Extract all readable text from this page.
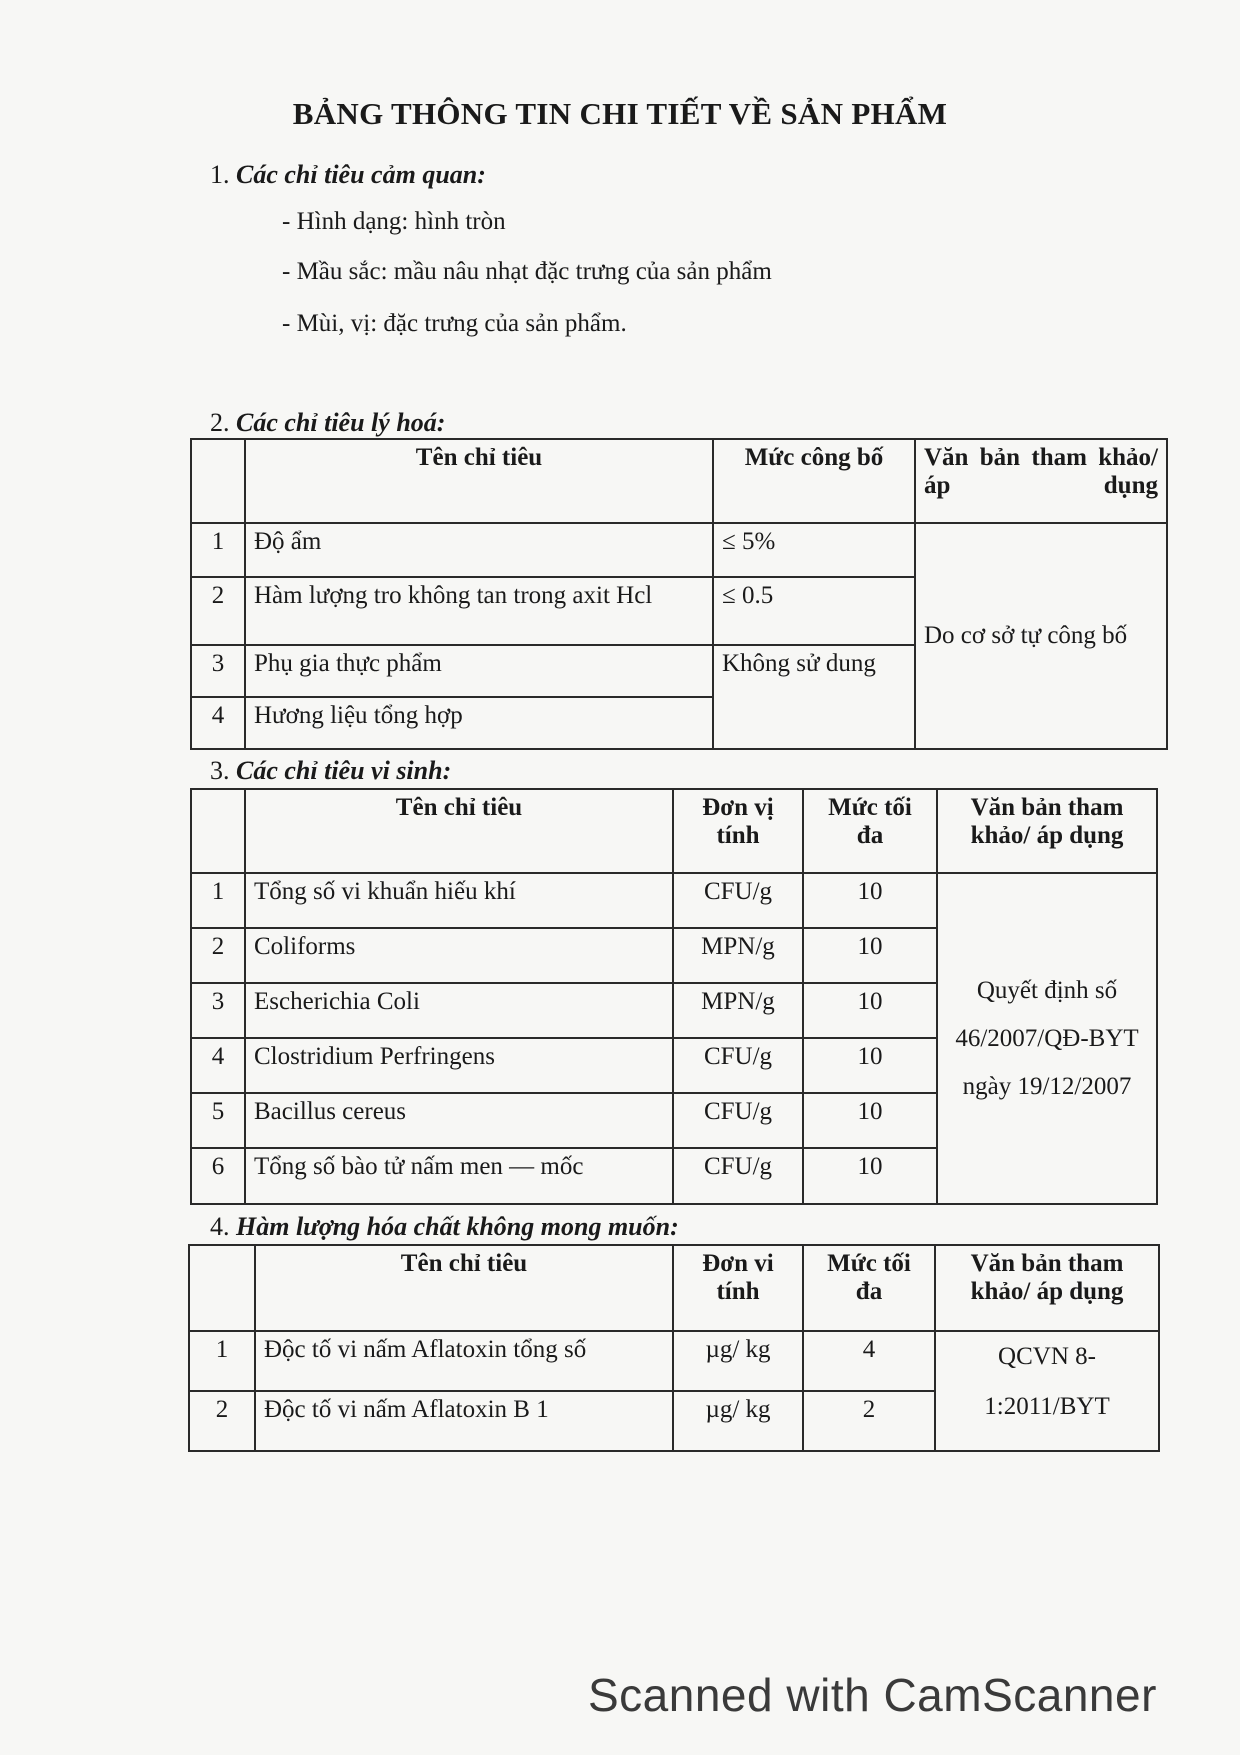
BẢNG THÔNG TIN CHI TIẾT VỀ SẢN PHẨM
1. Các chỉ tiêu cảm quan:
- Hình dạng: hình tròn
- Mầu sắc: mầu nâu nhạt đặc trưng của sản phẩm
- Mùi, vị: đặc trưng của sản phẩm.
2. Các chỉ tiêu lý hoá:
	Tên chỉ tiêu	Mức công bố	Văn bản tham khảo/ áp dụng

1	Độ ẩm	≤ 5%	Do cơ sở tự công bố
2	Hàm lượng tro không tan trong axit Hcl	≤ 0.5	
3	Phụ gia thực phẩm	Không sử dung	
4	Hương liệu tổng hợp		
3. Các chỉ tiêu vi sinh:
	Tên chỉ tiêu	Đơn vị tính	Mức tối đa	Văn bản tham khảo/ áp dụng
1	Tổng số vi khuẩn hiếu khí	CFU/g	10	Quyết định số 46/2007/QĐ-BYT ngày 19/12/2007
2	Coliforms	MPN/g	10	
3	Escherichia Coli	MPN/g	10	
4	Clostridium Perfringens	CFU/g	10	
5	Bacillus cereus	CFU/g	10	
6	Tổng số bào tử nấm men — mốc	CFU/g	10	
4. Hàm lượng hóa chất không mong muốn:
	Tên chỉ tiêu	Đơn vi tính	Mức tối đa	Văn bản tham khảo/ áp dụng
1	Độc tố vi nấm Aflatoxin tổng số	µg/ kg	4	QCVN 8-1:2011/BYT
2	Độc tố vi nấm Aflatoxin B 1	µg/ kg	2	
Scanned with CamScanner
